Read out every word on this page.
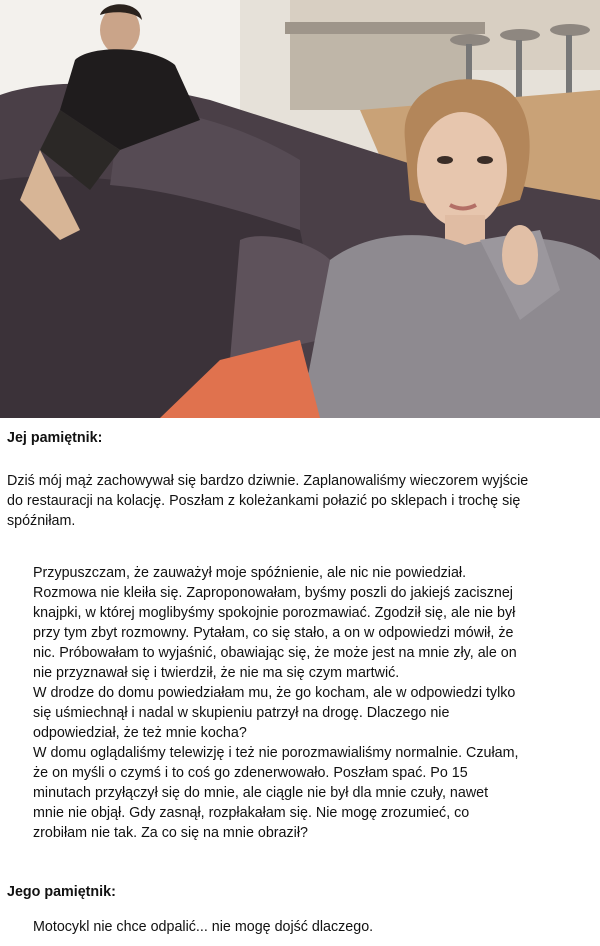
Jej pamiętnik:
Dziś mój mąż zachowywał się bardzo dziwnie. Zaplanowaliśmy wieczorem wyjście
do restauracji na kolację. Poszłam z koleżankami połazić po sklepach i trochę się
spóźniłam.
Przypuszczam, że zauważył moje spóźnienie, ale nic nie powiedział.
Rozmowa nie kleiła się. Zaproponowałam, byśmy poszli do jakiejś zacisznej
knajpki, w której moglibyśmy spokojnie porozmawiać. Zgodził się, ale nie był
przy tym zbyt rozmowny. Pytałam, co się stało, a on w odpowiedzi mówił, że
nic. Próbowałam to wyjaśnić, obawiając się, że może jest na mnie zły, ale on
nie przyznawał się i twierdził, że nie ma się czym martwić.
W drodze do domu powiedziałam mu, że go kocham, ale w odpowiedzi tylko
się uśmiechnął i nadal w skupieniu patrzył na drogę. Dlaczego nie
odpowiedział, że też mnie kocha?
W domu oglądaliśmy telewizję i też nie porozmawialiśmy normalnie. Czułam,
że on myśli o czymś i to coś go zdenerwowało. Poszłam spać. Po 15
minutach przyłączył się do mnie, ale ciągle nie był dla mnie czuły, nawet
mnie nie objął. Gdy zasnął, rozpłakałam się. Nie mogę zrozumieć, co
zrobiłam nie tak. Za co się na mnie obraził?
Jego pamiętnik:
Motocykl nie chce odpalić... nie mogę dojść dlaczego.
